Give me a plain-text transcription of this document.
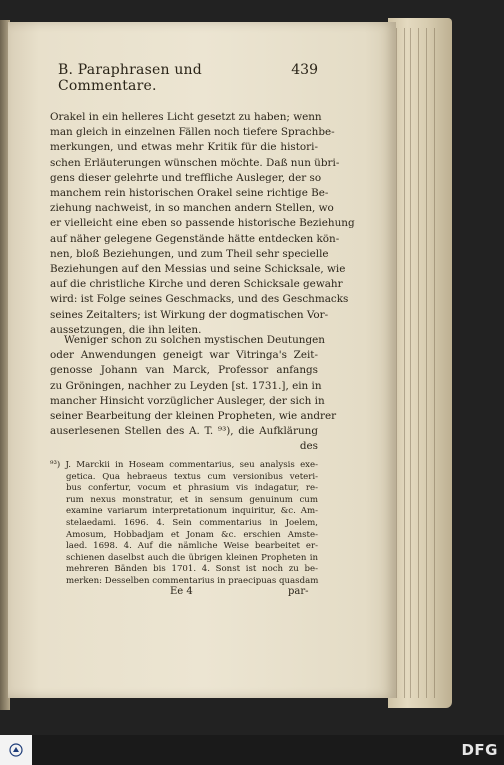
B. Paraphrasen und Commentare.
439
Orakel in ein helleres Licht gesetzt zu haben; wenn
man gleich in einzelnen Fällen noch tiefere Sprachbe-
merkungen, und etwas mehr Kritik für die histori-
schen Erläuterungen wünschen möchte. Daß nun übri-
gens dieser gelehrte und treffliche Ausleger, der so
manchem rein historischen Orakel seine richtige Be-
ziehung nachweist, in so manchen andern Stellen, wo
er vielleicht eine eben so passende historische Beziehung
auf näher gelegene Gegenstände hätte entdecken kön-
nen, bloß Beziehungen, und zum Theil sehr specielle
Beziehungen auf den Messias und seine Schicksale, wie
auf die christliche Kirche und deren Schicksale gewahr
wird: ist Folge seines Geschmacks, und des Geschmacks
seines Zeitalters; ist Wirkung der dogmatischen Vor-
aussetzungen, die ihn leiten.
Weniger schon zu solchen mystischen Deutungen
oder Anwendungen geneigt war Vitringa's Zeit-
genosse Johann van Marck, Professor anfangs
zu Gröningen, nachher zu Leyden [st. 1731.], ein in
mancher Hinsicht vorzüglicher Ausleger, der sich in
seiner Bearbeitung der kleinen Propheten, wie andrer
auserlesenen Stellen des A. T. ⁹³), die Aufklärung
des
⁹³) J. Marckii in Hoseam commentarius, seu analysis exe-
getica. Qua hebraeus textus cum versionibus veteri-
bus confertur, vocum et phrasium vis indagatur, re-
rum nexus monstratur, et in sensum genuinum cum
examine variarum interpretationum inquiritur, &c. Am-
stelaedami. 1696. 4. Sein commentarius in Joelem,
Amosum, Hobbadjam et Jonam &c. erschien Amste-
laed. 1698. 4. Auf die nämliche Weise bearbeitet er-
schienen daselbst auch die übrigen kleinen Propheten in
mehreren Bänden bis 1701. 4. Sonst ist noch zu be-
merken: Desselben commentarius in praecipuas quasdam
Ee 4	par-
DFG
